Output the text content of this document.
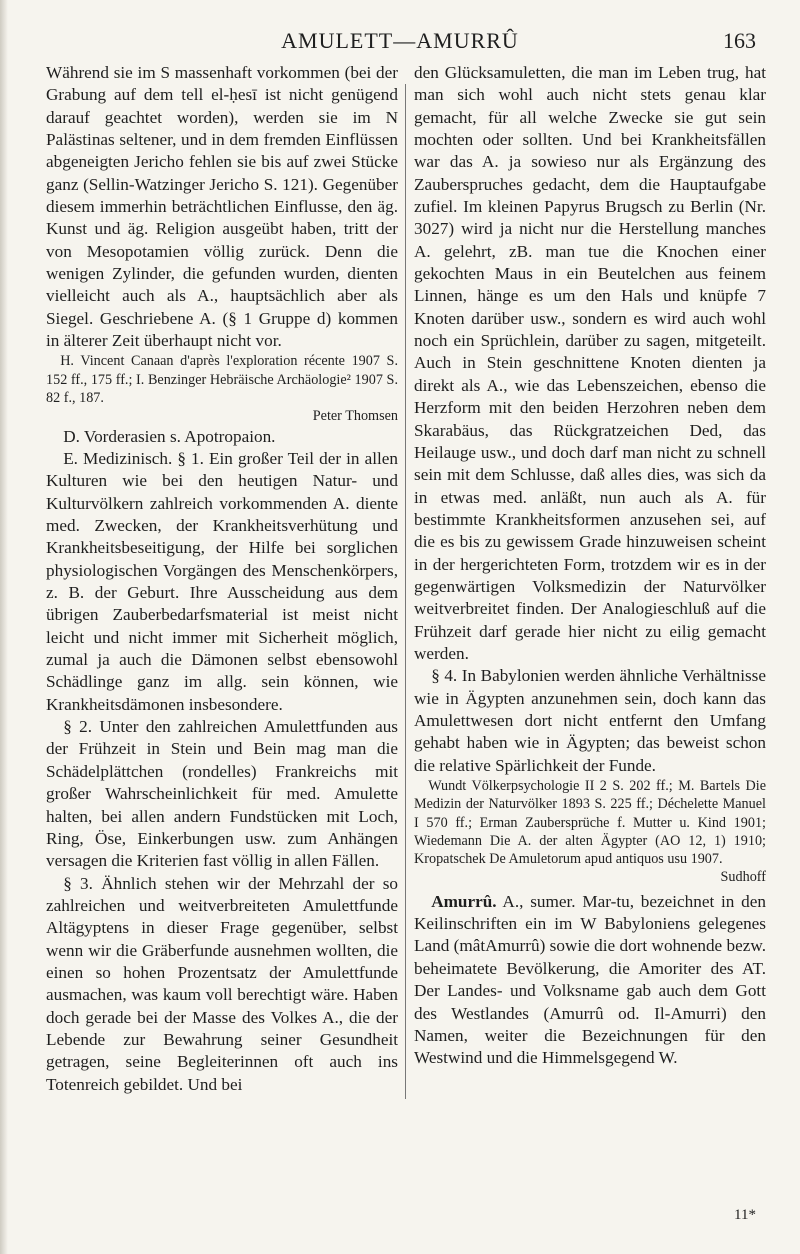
AMULETT—AMURRÛ	163

Während sie im S massenhaft vorkommen (bei der Grabung auf dem tell el-ḥesī ist nicht genügend darauf geachtet worden), werden sie im N Palästinas seltener, und in dem fremden Einflüssen abgeneigten Jericho fehlen sie bis auf zwei Stücke ganz (Sellin-Watzinger Jericho S. 121). Gegenüber diesem immerhin beträchtlichen Einflusse, den äg. Kunst und äg. Religion ausgeübt haben, tritt der von Mesopotamien völlig zurück. Denn die wenigen Zylinder, die gefunden wurden, dienten vielleicht auch als A., hauptsächlich aber als Siegel. Geschriebene A. (§ 1 Gruppe d) kommen in älterer Zeit überhaupt nicht vor.

H. Vincent Canaan d'après l'exploration récente 1907 S. 152 ff., 175 ff.; I. Benzinger Hebräische Archäologie² 1907 S. 82 f., 187.

Peter Thomsen

D. Vorderasien s. Apotropaion.

E. Medizinisch. § 1. Ein großer Teil der in allen Kulturen wie bei den heutigen Natur- und Kulturvölkern zahlreich vorkommenden A. diente med. Zwecken, der Krankheitsverhütung und Krankheitsbeseitigung, der Hilfe bei sorglichen physiologischen Vorgängen des Menschenkörpers, z. B. der Geburt. Ihre Ausscheidung aus dem übrigen Zauberbedarfsmaterial ist meist nicht leicht und nicht immer mit Sicherheit möglich, zumal ja auch die Dämonen selbst ebensowohl Schädlinge ganz im allg. sein können, wie Krankheitsdämonen insbesondere.

§ 2. Unter den zahlreichen Amulettfunden aus der Frühzeit in Stein und Bein mag man die Schädelplättchen (rondelles) Frankreichs mit großer Wahrscheinlichkeit für med. Amulette halten, bei allen andern Fundstücken mit Loch, Ring, Öse, Einkerbungen usw. zum Anhängen versagen die Kriterien fast völlig in allen Fällen.

§ 3. Ähnlich stehen wir der Mehrzahl der so zahlreichen und weitverbreiteten Amulettfunde Altägyptens in dieser Frage gegenüber, selbst wenn wir die Gräberfunde ausnehmen wollten, die einen so hohen Prozentsatz der Amulettfunde ausmachen, was kaum voll berechtigt wäre. Haben doch gerade bei der Masse des Volkes A., die der Lebende zur Bewahrung seiner Gesundheit getragen, seine Begleiterinnen oft auch ins Totenreich gebildet. Und bei

den Glücksamuletten, die man im Leben trug, hat man sich wohl auch nicht stets genau klar gemacht, für all welche Zwecke sie gut sein mochten oder sollten. Und bei Krankheitsfällen war das A. ja sowieso nur als Ergänzung des Zauberspruches gedacht, dem die Hauptaufgabe zufiel. Im kleinen Papyrus Brugsch zu Berlin (Nr. 3027) wird ja nicht nur die Herstellung manches A. gelehrt, zB. man tue die Knochen einer gekochten Maus in ein Beutelchen aus feinem Linnen, hänge es um den Hals und knüpfe 7 Knoten darüber usw., sondern es wird auch wohl noch ein Sprüchlein, darüber zu sagen, mitgeteilt. Auch in Stein geschnittene Knoten dienten ja direkt als A., wie das Lebenszeichen, ebenso die Herzform mit den beiden Herzohren neben dem Skarabäus, das Rückgratzeichen Ded, das Heilauge usw., und doch darf man nicht zu schnell sein mit dem Schlusse, daß alles dies, was sich da in etwas med. anläßt, nun auch als A. für bestimmte Krankheitsformen anzusehen sei, auf die es bis zu gewissem Grade hinzuweisen scheint in der hergerichteten Form, trotzdem wir es in der gegenwärtigen Volksmedizin der Naturvölker weitverbreitet finden. Der Analogieschluß auf die Frühzeit darf gerade hier nicht zu eilig gemacht werden.

§ 4. In Babylonien werden ähnliche Verhältnisse wie in Ägypten anzunehmen sein, doch kann das Amulettwesen dort nicht entfernt den Umfang gehabt haben wie in Ägypten; das beweist schon die relative Spärlichkeit der Funde.

Wundt Völkerpsychologie II 2 S. 202 ff.; M. Bartels Die Medizin der Naturvölker 1893 S. 225 ff.; Déchelette Manuel I 570 ff.; Erman Zaubersprüche f. Mutter u. Kind 1901; Wiedemann Die A. der alten Ägypter (AO 12, 1) 1910; Kropatschek De Amuletorum apud antiquos usu 1907.

Sudhoff

Amurrû. A., sumer. Mar-tu, bezeichnet in den Keilinschriften ein im W Babyloniens gelegenes Land (mâtAmurrû) sowie die dort wohnende bezw. beheimatete Bevölkerung, die Amoriter des AT. Der Landes- und Volksname gab auch dem Gott des Westlandes (Amurrû od. Il-Amurri) den Namen, weiter die Bezeichnungen für den Westwind und die Himmelsgegend W.

11*
